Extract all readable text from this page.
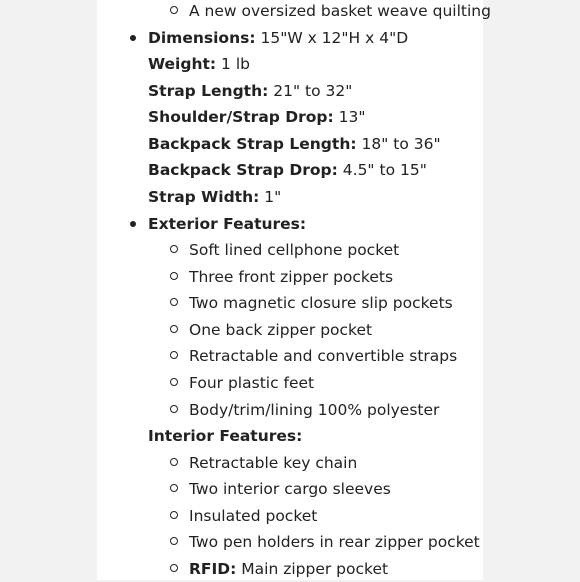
A new oversized basket weave quilting
Dimensions: 15"W x 12"H x 4"D
Weight: 1 lb
Strap Length: 21" to 32"
Shoulder/Strap Drop: 13"
Backpack Strap Length: 18" to 36"
Backpack Strap Drop: 4.5" to 15"
Strap Width: 1"
Exterior Features:
Soft lined cellphone pocket
Three front zipper pockets
Two magnetic closure slip pockets
One back zipper pocket
Retractable and convertible straps
Four plastic feet
Body/trim/lining 100% polyester
Interior Features:
Retractable key chain
Two interior cargo sleeves
Insulated pocket
Two pen holders in rear zipper pocket
RFID: Main zipper pocket
